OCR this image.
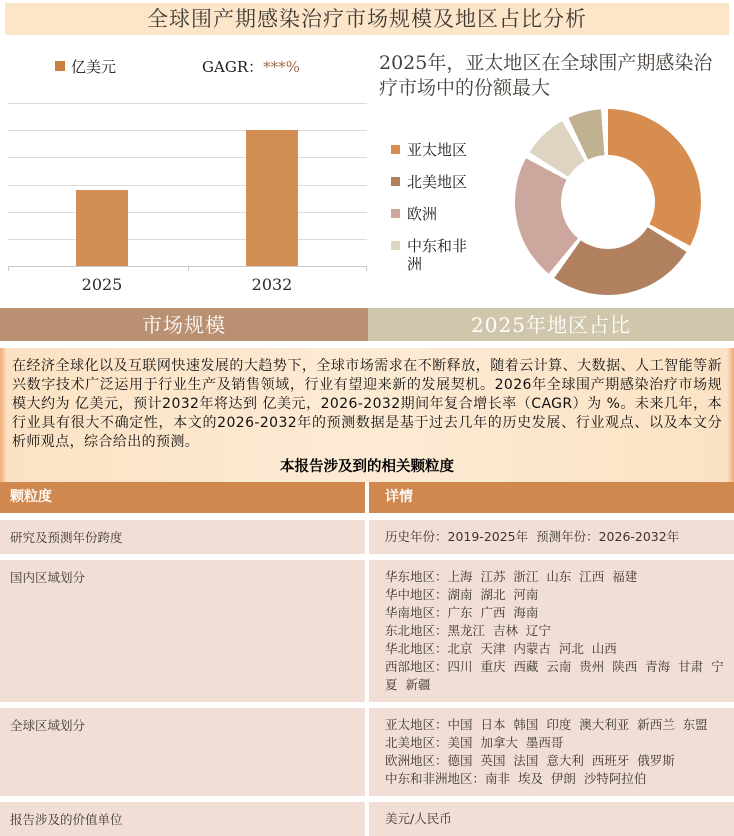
全球围产期感染治疗市场规模及地区占比分析
亿美元	GAGR：***%
2025	2032
2025年，亚太地区在全球围产期感染治疗市场中的份额最大
亚太地区
北美地区
欧洲
中东和非洲
市场规模	2025年地区占比

在经济全球化以及互联网快速发展的大趋势下，全球市场需求在不断释放，随着云计算、大数据、人工智能等新兴数字技术广泛运用于行业生产及销售领域，行业有望迎来新的发展契机。2026年全球围产期感染治疗市场规模大约为 亿美元，预计2032年将达到 亿美元，2026-2032期间年复合增长率（CAGR）为 %。未来几年，本行业具有很大不确定性，本文的2026-2032年的预测数据是基于过去几年的历史发展、行业观点、以及本文分析师观点，综合给出的预测。

本报告涉及到的相关颗粒度
颗粒度	详情
研究及预测年份跨度	历史年份：2019-2025年  预测年份：2026-2032年
国内区域划分	华东地区：上海  江苏  浙江  山东  江西  福建
华中地区：湖南  湖北  河南
华南地区：广东  广西  海南
东北地区：黑龙江  吉林  辽宁
华北地区：北京  天津  内蒙古  河北  山西
西部地区：四川  重庆  西藏  云南  贵州  陕西  青海  甘肃  宁夏  新疆
全球区域划分	亚太地区：中国  日本  韩国  印度  澳大利亚  新西兰  东盟
北美地区：美国  加拿大  墨西哥
欧洲地区：德国  英国  法国  意大利  西班牙  俄罗斯
中东和非洲地区：南非  埃及  伊朗  沙特阿拉伯
报告涉及的价值单位	美元/人民币
